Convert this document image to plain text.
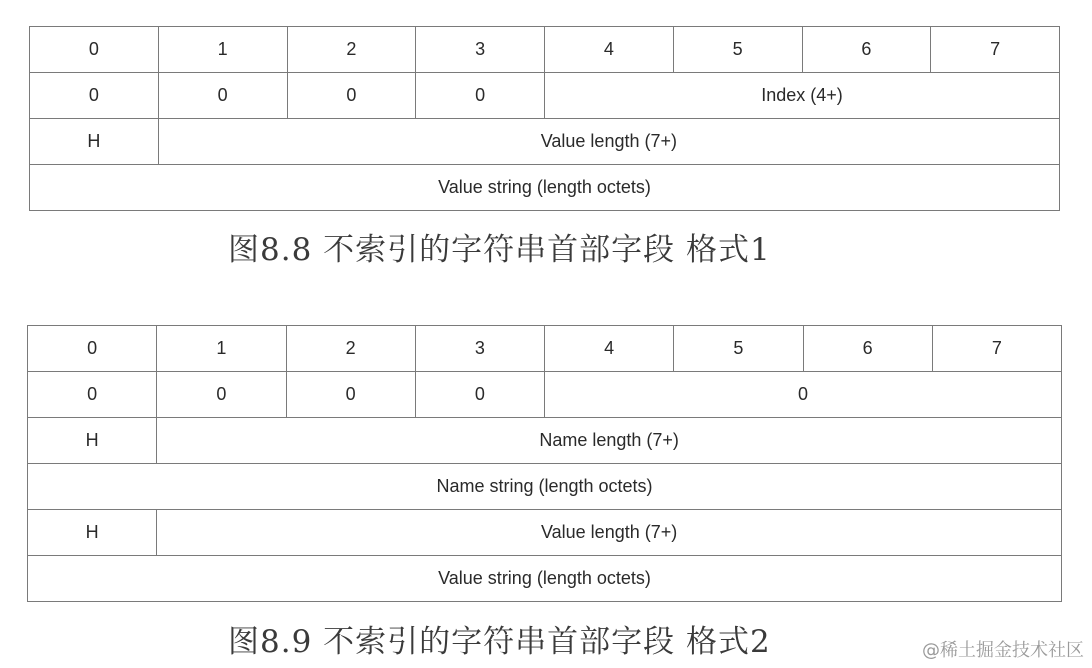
0	1	2	3	4	5	6	7
0	0	0	0	Index (4+)			
H	Value length (7+)						
Value string (length octets)							
图8.8 不索引的字符串首部字段 格式1
0	1	2	3	4	5	6	7
0	0	0	0	0			
H	Name length (7+)						
Name string (length octets)							
H	Value length (7+)						
Value string (length octets)							
图8.9 不索引的字符串首部字段 格式2	@稀土掘金技术社区
